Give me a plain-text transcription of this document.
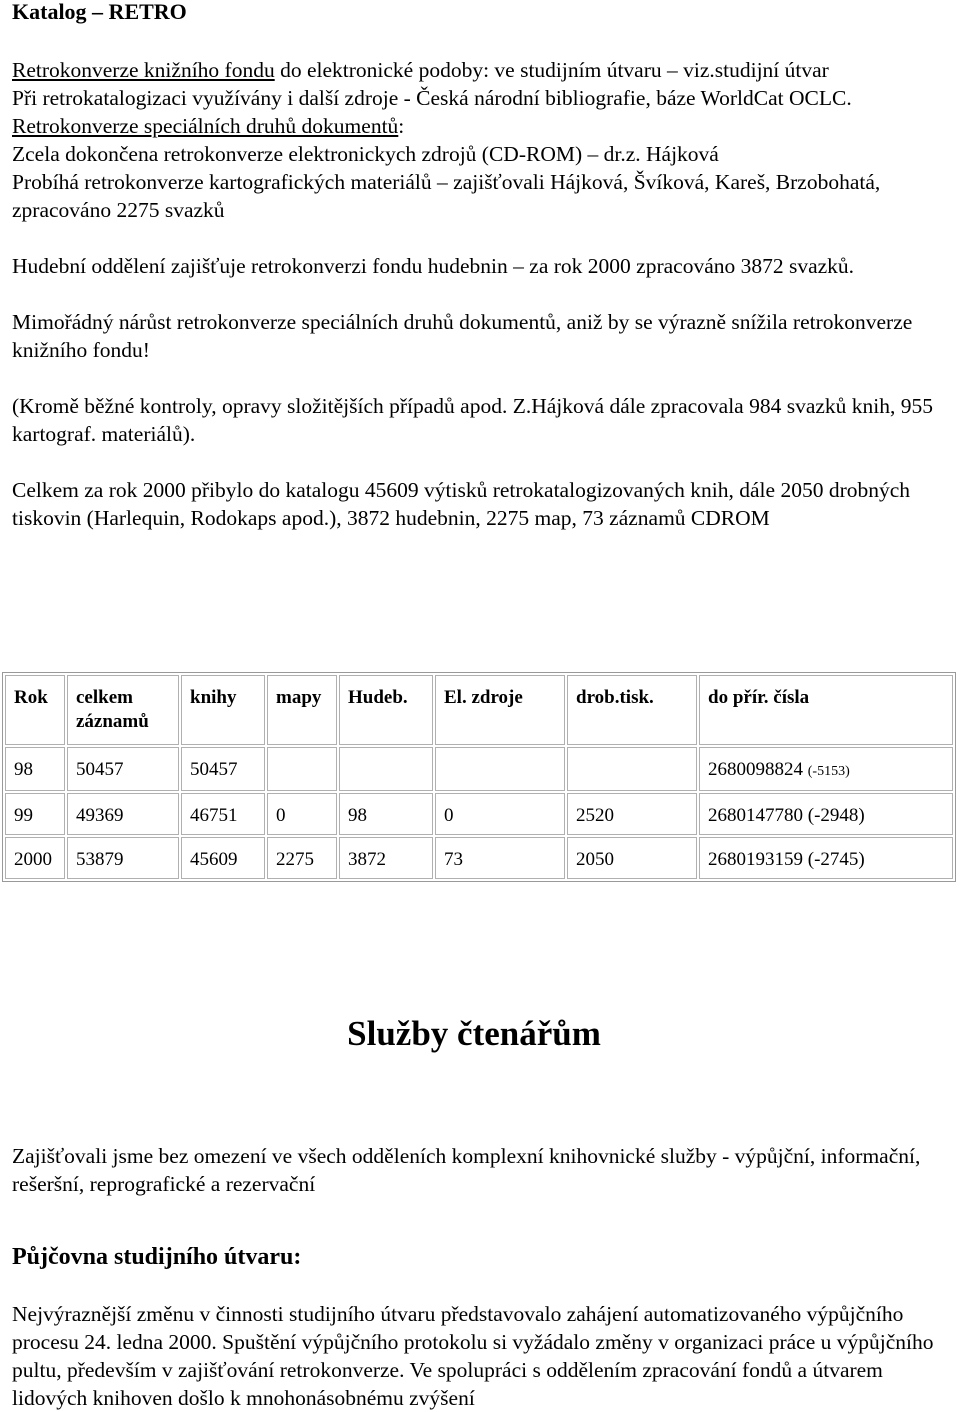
Katalog – RETRO

Retrokonverze knižního fondu do elektronické podoby: ve studijním útvaru – viz.studijní útvar

Při retrokatalogizaci využívány i další zdroje - Česká národní bibliografie, báze WorldCat OCLC.

Retrokonverze speciálních druhů dokumentů:

Zcela dokončena retrokonverze elektronickych zdrojů (CD-ROM) – dr.z. Hájková

Probíhá retrokonverze kartografických materiálů – zajišťovali Hájková, Švíková, Kareš, Brzobohatá, zpracováno 2275 svazků

Hudební oddělení zajišťuje retrokonverzi fondu hudebnin – za rok 2000 zpracováno 3872 svazků.

Mimořádný nárůst retrokonverze speciálních druhů dokumentů, aniž by se výrazně snížila retrokonverze knižního fondu!

(Kromě běžné kontroly, opravy složitějších případů apod. Z.Hájková dále zpracovala 984 svazků knih, 955 kartograf. materiálů).

Celkem za rok 2000 přibylo do katalogu 45609 výtisků retrokatalogizovaných knih, dále 2050 drobných tiskovin (Harlequin, Rodokaps apod.), 3872 hudebnin, 2275 map, 73 záznamů CDROM

Rok	celkem záznamů	knihy	mapy	Hudeb.	El. zdroje	drob.tisk.	do přír. čísla
98	50457	50457					2680098824 (-5153)
99	49369	46751	0	98	0	2520	2680147780 (-2948)
2000	53879	45609	2275	3872	73	2050	2680193159 (-2745)
Služby čtenářům

Zajišťovali jsme bez omezení ve všech odděleních komplexní knihovnické služby - výpůjční, informační, rešeršní, reprografické a rezervační

Půjčovna studijního útvaru:

Nejvýraznější změnu v činnosti studijního útvaru představovalo zahájení automatizovaného výpůjčního procesu 24. ledna 2000. Spuštění výpůjčního protokolu si vyžádalo změny v organizaci práce u výpůjčního pultu, především v zajišťování retrokonverze. Ve spolupráci s oddělením zpracování fondů a útvarem lidových knihoven došlo k mnohonásobnému zvýšení
